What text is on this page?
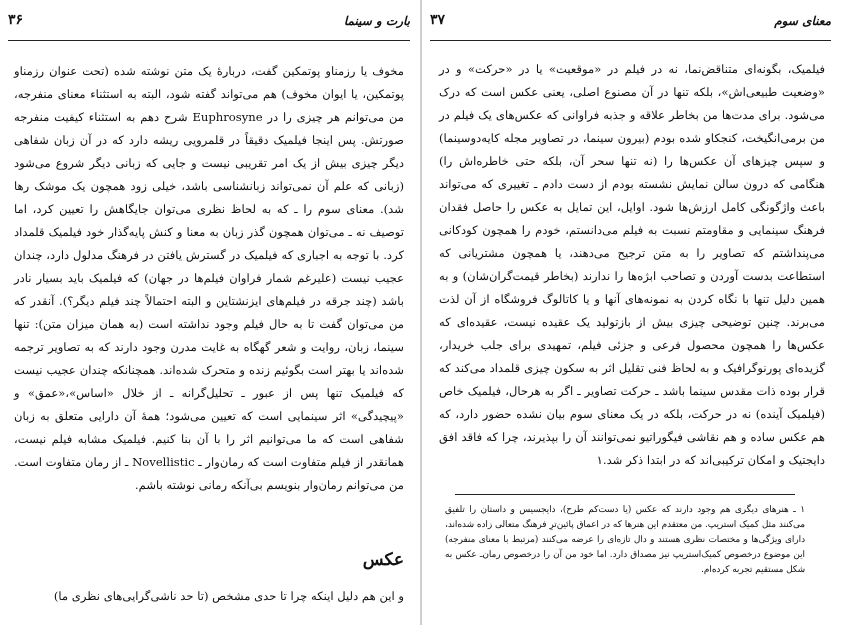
بارت و سینما
۳۶

مخوف یا رزمناو پوتمکین گفت، دربارهٔ یک متن نوشته شده (تحت عنوان رزمناو پوتمکین، یا ایوان مخوف) هم می‌تواند گفته شود، البته به استثناء معنای منفرجه، من می‌توانم هر چیزی را در Euphrosyne شرح دهم به استثناء کیفیت منفرجه صورتش. پس اینجا فیلمیک دقیقاً در قلمرویی ریشه دارد که در آن زبان شفاهی دیگر چیزی بیش از یک امر تقریبی نیست و جایی که زبانی دیگر شروع می‌شود (زبانی که علم آن نمی‌تواند زبانشناسی باشد، خیلی زود همچون یک موشک رها شد). معنای سوم را ـ که به لحاظ نظری می‌توان جایگاهش را تعیین کرد، اما توصیف نه ـ می‌توان همچون گذر زبان به معنا و کنش پایه‌گذار خود فیلمیک قلمداد کرد. با توجه به اجباری که فیلمیک در گسترش یافتن در فرهنگ مدلول دارد، چندان عجیب نیست (علیرغم شمار فراوان فیلم‌ها در جهان) که فیلمیک باید بسیار نادر باشد (چند جرقه در فیلم‌های ایزنشتاین و البته احتمالاً چند فیلم دیگر؟). آنقدر که من می‌توان گفت تا به حال فیلم وجود نداشته است (به همان میزان متن): تنها سینما، زبان، روایت و شعر گهگاه به غایت مدرن وجود دارند که به تصاویر ترجمه شده‌اند یا بهتر است بگوئیم زنده و متحرک شده‌اند. همچنانکه چندان عجیب نیست که فیلمیک تنها پس از عبور ـ تحلیل‌گرانه ـ از خلال «اساس»،«عمق» و «پیچیدگی» اثر سینمایی است که تعیین می‌شود؛ همهٔ آن دارایی متعلق به زبان شفاهی است که ما می‌توانیم اثر را با آن بنا کنیم. فیلمیک مشابه فیلم نیست، همانقدر از فیلم متفاوت است که رمان‌وار ـ Novellistic ـ از رمان متفاوت است. من می‌توانم رمان‌وار بنویسم بی‌آنکه رمانی نوشته باشم.

عکس
و این هم دلیل اینکه چرا تا حدی مشخص (تا حد ناشی‌گرایی‌های نظری ما)
معنای سوم
۳۷

فیلمیک، بگونه‌ای متناقض‌نما، نه در فیلم در «موقعیت» یا در «حرکت» و در «وضعیت طبیعی‌اش»، بلکه تنها در آن مصنوع اصلی، یعنی عکس است که درک می‌شود. برای مدت‌ها من بخاطر علاقه و جذبه فراوانی که عکس‌های یک فیلم در من برمی‌انگیخت، کنجکاو شده بودم (بیرون سینما، در تصاویر مجله کایه‌دوسینما) و سپس چیزهای آن عکس‌ها را (نه تنها سحر آن، بلکه حتی خاطره‌اش را) هنگامی که درون سالن نمایش نشسته بودم از دست دادم ـ تغییری که می‌تواند باعث واژگونگی کامل ارزش‌ها شود. اوایل، این تمایل به عکس را حاصل فقدان فرهنگ سینمایی و مقاومتم نسبت به فیلم می‌دانستم، خودم را همچون کودکانی می‌پنداشتم که تصاویر را به متن ترجیح می‌دهند، یا همچون مشتریانی که استطاعت بدست آوردن و تصاحب ابژه‌ها را ندارند (بخاطر قیمت‌گران‌شان) و به همین دلیل تنها با نگاه کردن به نمونه‌های آنها و یا کاتالوگ فروشگاه از آن لذت می‌برند. چنین توضیحی چیزی بیش از بازتولید یک عقیده نیست، عقیده‌ای که عکس‌ها را همچون محصول فرعی و جزئی فیلم، تمهیدی برای جلب خریدار، گزیده‌ای پورنوگرافیک و به لحاظ فنی تقلیل اثر به سکون چیزی قلمداد می‌کند که قرار بوده ذات مقدس سینما باشد ـ حرکت تصاویر ـ اگر به هرحال، فیلمیک خاص (فیلمیک آینده) نه در حرکت، بلکه در یک معنای سوم بیان نشده حضور دارد، که هم عکس ساده و هم نقاشی فیگوراتیو نمی‌توانند آن را بپذیرند، چرا که فاقد افق دایجتیک و امکان ترکیبی‌اند که در ابتدا ذکر شد.۱

۱ ـ هنرهای دیگری هم وجود دارند که عکس (یا دست‌کم طرح)، دایجسیس و داستان را تلفیق می‌کنند مثل کمیک استریپ. من معتقدم این هنرها که در اعماق پائین‌ترِ فرهنگ متعالی زاده شده‌اند، دارای ویژگی‌ها و مختصات نظری هستند و دال تازه‌ای را عرضه می‌کنند (مرتبط با معنای منفرجه) این موضوع درخصوص کمیک‌استریپ نیز مصداق دارد. اما خود من آن را درخصوص رمان‌ـ عکس به شکل مستقیم تجربه کرده‌ام.
